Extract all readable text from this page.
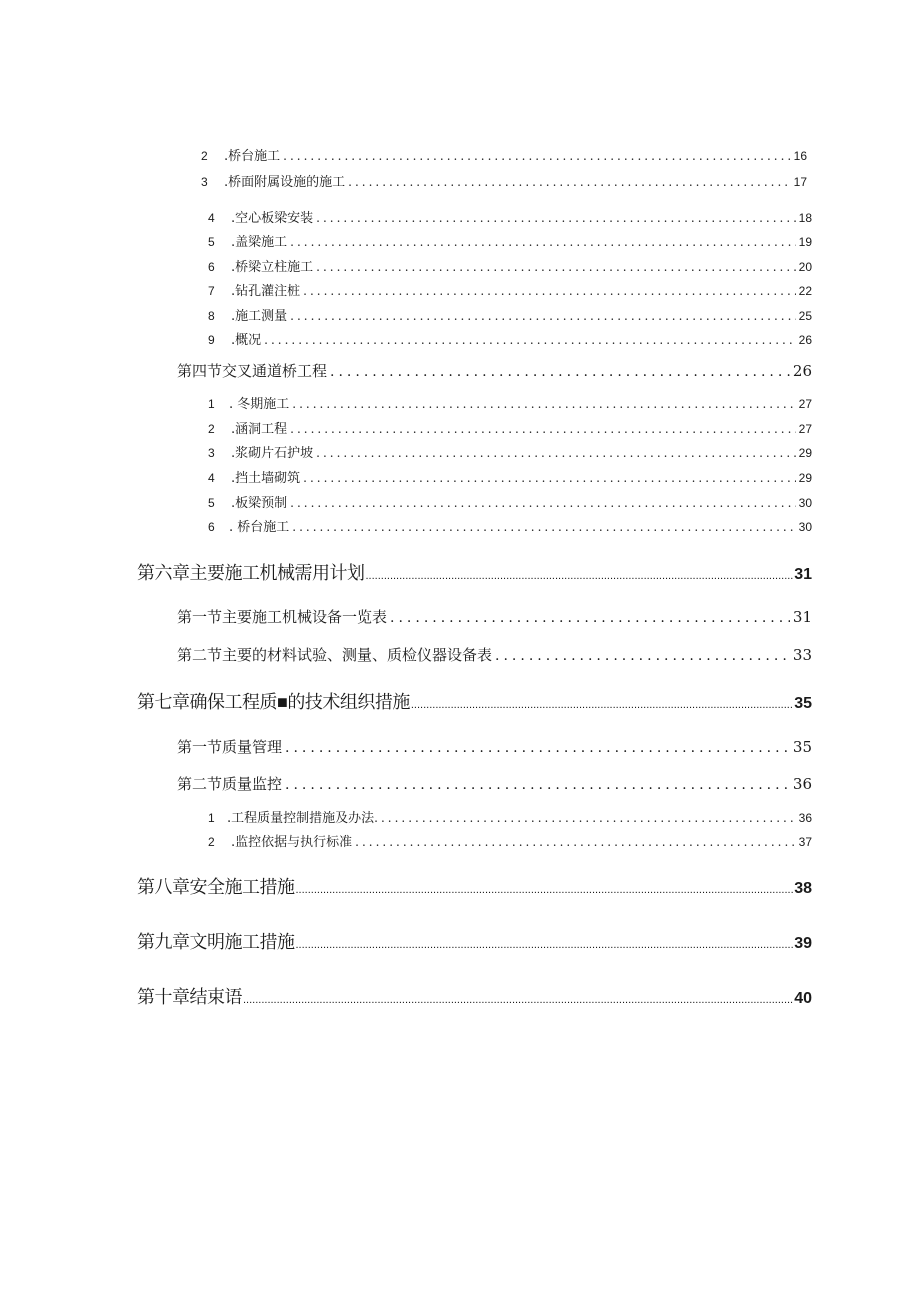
2	.桥台施工 .....	16
3	.桥面附属设施的施工 .....	17
4	.空心板梁安装 .....	18
5	.盖梁施工 .....	19
6	.桥梁立柱施工 .....	20
7	.钻孔灌注桩 .....	22
8	.施工测量 .....	25
9	.概况 .....	26
第四节交叉通道桥工程 .....	26
1	. 冬期施工 .....	27
2	.涵洞工程 .....	27
3	.浆砌片石护坡 .....	29
4	.挡土墙砌筑 .....	29
5	.板梁预制 .....	30
6	. 桥台施工 .....	30
第六章主要施工机械需用计划 .....	31
第一节主要施工机械设备一览表 .....	31
第二节主要的材料试验、测量、质检仪器设备表 .....	33
第七章确保工程质■的技术组织措施 .....	35
第一节质量管理 .....	35
第二节质量监控 .....	36
1 .工程质量控制措施及办法 .....	36
2	.监控依据与执行标准 .....	37
第八章安全施工措施 .....	38
第九章文明施工措施 .....	39
第十章结束语 .....	40
